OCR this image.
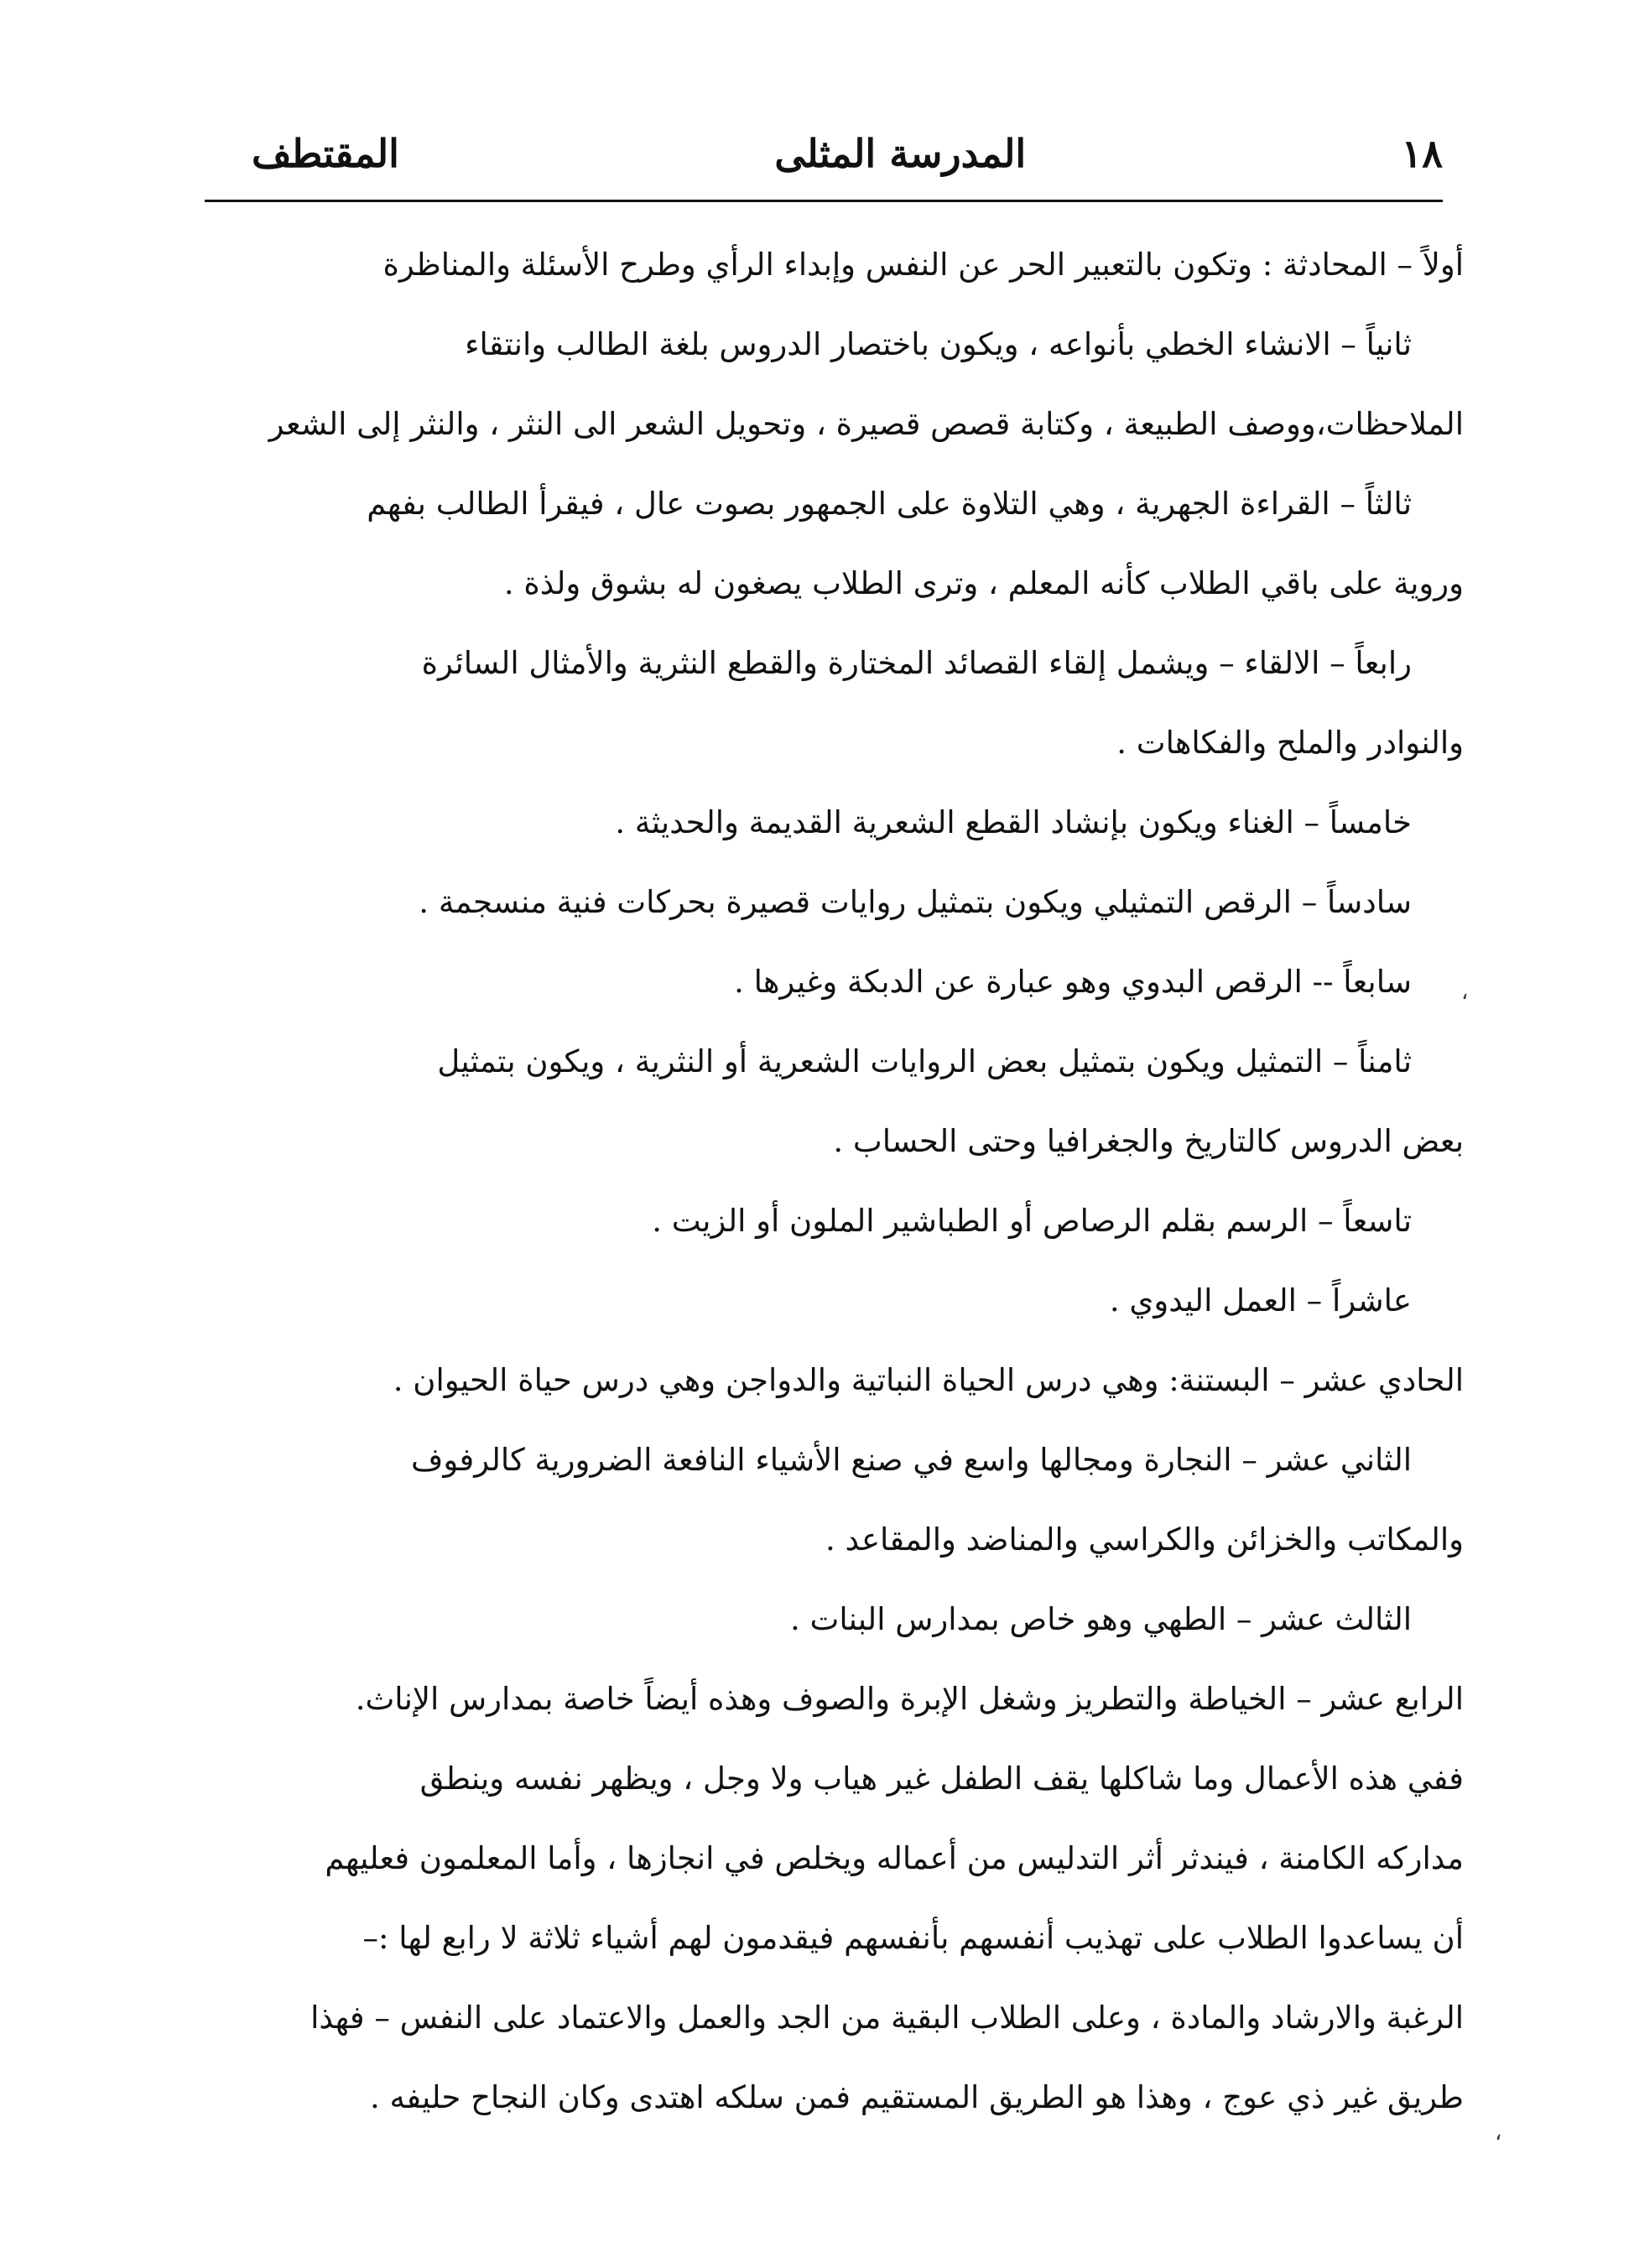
١٨
المدرسة المثلى
المقتطف
أولاً – المحادثة : وتكون بالتعبير الحر عن النفس وإبداء الرأي وطرح الأسئلة والمناظرة
ثانياً – الانشاء الخطي بأنواعه ، ويكون باختصار الدروس بلغة الطالب وانتقاء
الملاحظات،ووصف الطبيعة ، وكتابة قصص قصيرة ، وتحويل الشعر الى النثر ، والنثر إلى الشعر
ثالثاً – القراءة الجهرية ، وهي التلاوة على الجمهور بصوت عال ، فيقرأ الطالب بفهم
وروية على باقي الطلاب كأنه المعلم ، وترى الطلاب يصغون له بشوق ولذة .
رابعاً – الالقاء – ويشمل إلقاء القصائد المختارة والقطع النثرية والأمثال السائرة
والنوادر والملح والفكاهات .
خامساً – الغناء ويكون بإنشاد القطع الشعرية القديمة والحديثة .
سادساً – الرقص التمثيلي ويكون بتمثيل روايات قصيرة بحركات فنية منسجمة .
سابعاً -- الرقص البدوي وهو عبارة عن الدبكة وغيرها .
ثامناً – التمثيل ويكون بتمثيل بعض الروايات الشعرية أو النثرية ، ويكون بتمثيل
بعض الدروس كالتاريخ والجغرافيا وحتى الحساب .
تاسعاً – الرسم بقلم الرصاص أو الطباشير الملون أو الزيت .
عاشراً – العمل اليدوي .
الحادي عشر – البستنة: وهي درس الحياة النباتية والدواجن وهي درس حياة الحيوان .
الثاني عشر – النجارة ومجالها واسع في صنع الأشياء النافعة الضرورية كالرفوف
والمكاتب والخزائن والكراسي والمناضد والمقاعد .
الثالث عشر – الطهي وهو خاص بمدارس البنات .
الرابع عشر – الخياطة والتطريز وشغل الإبرة والصوف وهذه أيضاً خاصة بمدارس الإناث.
ففي هذه الأعمال وما شاكلها يقف الطفل غير هياب ولا وجل ، ويظهر نفسه وينطق
مداركه الكامنة ، فيندثر أثر التدليس من أعماله ويخلص في انجازها ، وأما المعلمون فعليهم
أن يساعدوا الطلاب على تهذيب أنفسهم بأنفسهم فيقدمون لهم أشياء ثلاثة لا رابع لها :–
الرغبة والارشاد والمادة ، وعلى الطلاب البقية من الجد والعمل والاعتماد على النفس – فهذا
طريق غير ذي عوج ، وهذا هو الطريق المستقيم فمن سلكه اهتدى وكان النجاح حليفه .
،
،
